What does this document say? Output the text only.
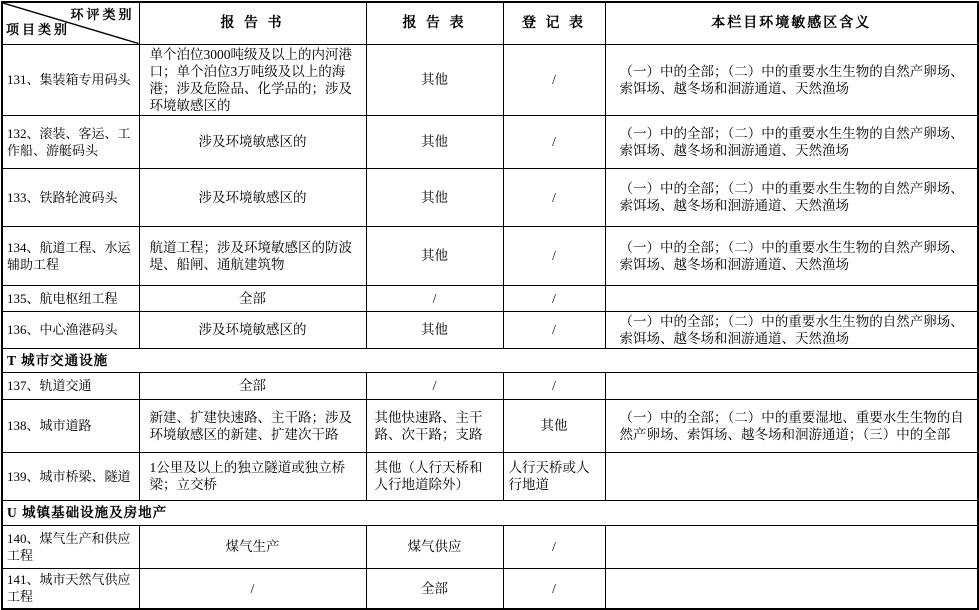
环评类别
项目类别	报 告 书	报 告 表	登 记 表	本栏目环境敏感区含义
131、集装箱专用码头	单个泊位3000吨级及以上的内河港口；单个泊位3万吨级及以上的海港；涉及危险品、化学品的；涉及环境敏感区的	其他	/	（一）中的全部；（二）中的重要水生生物的自然产卵场、索饵场、越冬场和洄游通道、天然渔场
132、滚装、客运、工作船、游艇码头	涉及环境敏感区的	其他	/	（一）中的全部；（二）中的重要水生生物的自然产卵场、索饵场、越冬场和洄游通道、天然渔场
133、铁路轮渡码头	涉及环境敏感区的	其他	/	（一）中的全部；（二）中的重要水生生物的自然产卵场、索饵场、越冬场和洄游通道、天然渔场
134、航道工程、水运辅助工程	航道工程；涉及环境敏感区的防波堤、船闸、通航建筑物	其他	/	（一）中的全部；（二）中的重要水生生物的自然产卵场、索饵场、越冬场和洄游通道、天然渔场
135、航电枢纽工程	全部	/	/	
136、中心渔港码头	涉及环境敏感区的	其他	/	（一）中的全部；（二）中的重要水生生物的自然产卵场、索饵场、越冬场和洄游通道、天然渔场
T 城市交通设施				
137、轨道交通	全部	/	/	
138、城市道路	新建、扩建快速路、主干路；涉及环境敏感区的新建、扩建次干路	其他快速路、主干路、次干路；支路	其他	（一）中的全部；（二）中的重要湿地、重要水生生物的自然产卵场、索饵场、越冬场和洄游通道；（三）中的全部
139、城市桥梁、隧道	1公里及以上的独立隧道或独立桥梁；立交桥	其他（人行天桥和人行地道除外）	人行天桥或人行地道	
U 城镇基础设施及房地产				
140、煤气生产和供应工程	煤气生产	煤气供应	/	
141、城市天然气供应工程	/	全部	/	
